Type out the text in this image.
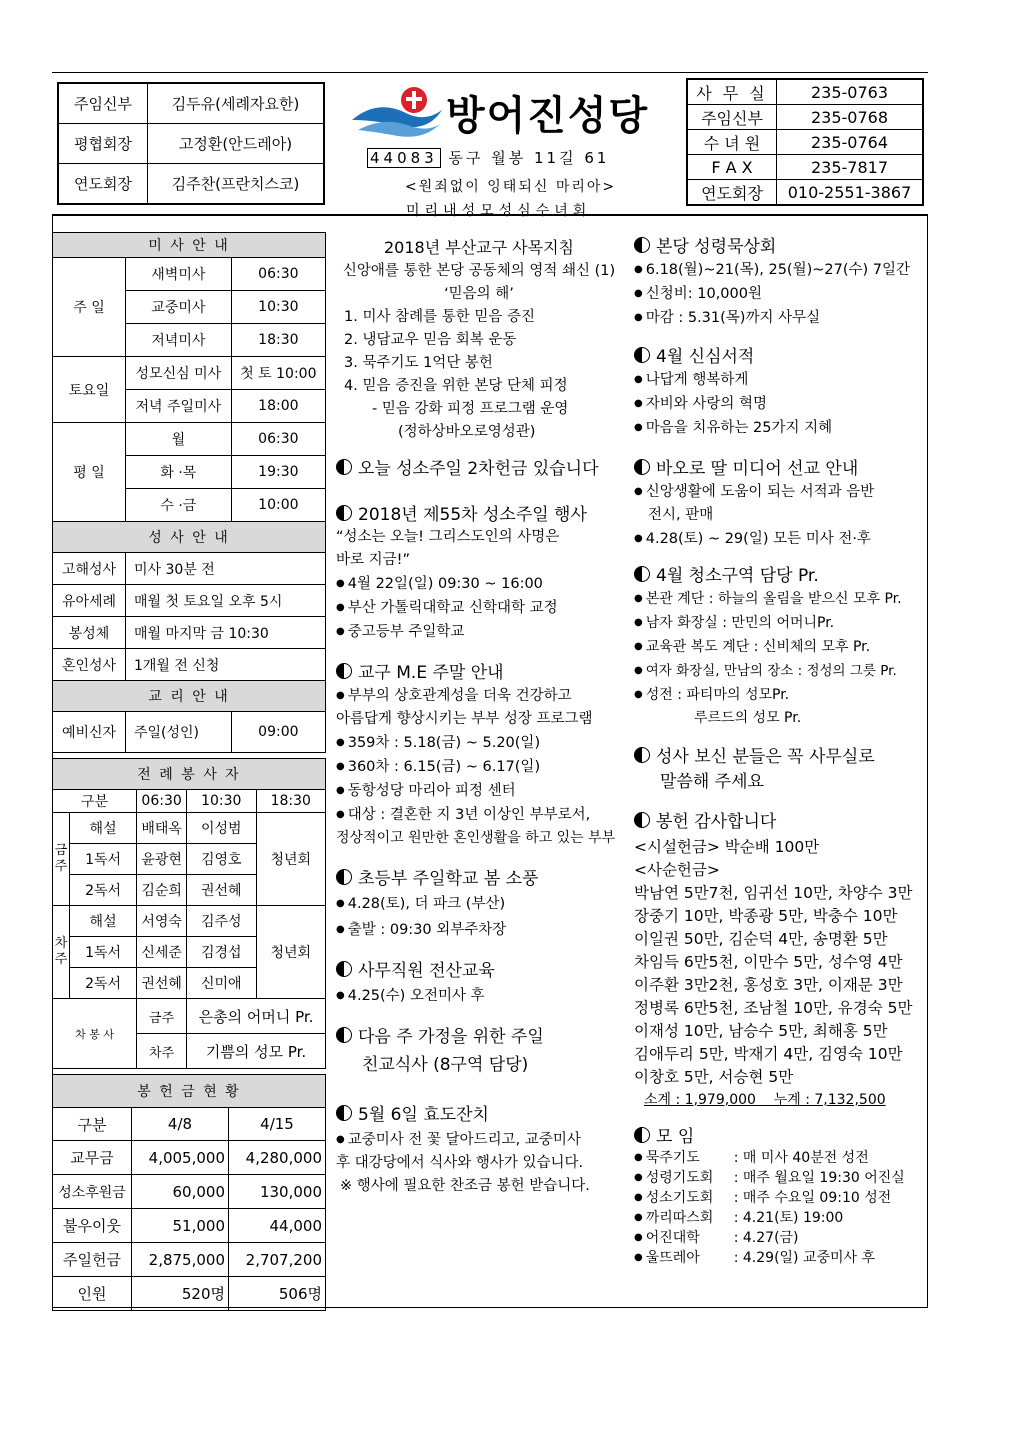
주임신부	김두유(세례자요한)
평협회장	고정환(안드레아)
연도회장	김주찬(프란치스코)
방어진성당
44083 동구 월봉 11길 61
<원죄없이 잉태되신 마리아>
미리내성모성심수녀회
사 무 실	235-0763
주임신부	235-0768
수 녀 원	235-0764
F A X	235-7817
연도회장	010-2551-3867
미 사 안 내		
주 일	새벽미사	06:30
	교중미사	10:30
	저녁미사	18:30
토요일	성모신심 미사	첫 토 10:00
	저녁 주일미사	18:00
평 일	월	06:30
	화 ·목	19:30
	수 ·금	10:00
성 사 안 내		
고해성사	미사 30분 전	
유아세례	매월 첫 토요일 오후 5시	
봉성체	매월 마지막 금 10:30	
혼인성사	1개월 전 신청	
교 리 안 내		
예비신자	주일(성인)	09:00
전 례 봉 사 자				
구분		06:30	10:30	18:30
금주	해설	배태옥	이성범	청년회
	1독서	윤광현	김영호	
	2독서	김순희	권선혜	
차주	해설	서영숙	김주성	청년회
	1독서	신세준	김경섭	
	2독서	권선혜	신미애	
차 봉 사		금주	은총의 어머니 Pr.	
		차주	기쁨의 성모 Pr.	
봉 헌 금 현 황		
구분	4/8	4/15
교무금	4,005,000	4,280,000
성소후원금	60,000	130,000
불우이웃	51,000	44,000
주일헌금	2,875,000	2,707,200
인원	520명	506명
2018년 부산교구 사목지침
신앙애를 통한 본당 공동체의 영적 쇄신 (1)
‘믿음의 해’
1. 미사 참례를 통한 믿음 증진
2. 냉담교우 믿음 회복 운동
3. 묵주기도 1억단 봉헌
4. 믿음 증진을 위한 본당 단체 피정
- 믿음 강화 피정 프로그램 운영
(정하상바오로영성관)
오늘 성소주일 2차헌금 있습니다
2018년 제55차 성소주일 행사
“성소는 오늘! 그리스도인의 사명은
바로 지금!”
● 4월 22일(일) 09:30 ~ 16:00
● 부산 가톨릭대학교 신학대학 교정
● 중고등부 주일학교
교구 M.E 주말 안내
● 부부의 상호관계성을 더욱 건강하고
아름답게 향상시키는 부부 성장 프로그램
● 359차 : 5.18(금) ~ 5.20(일)
● 360차 : 6.15(금) ~ 6.17(일)
● 동항성당 마리아 피정 센터
● 대상 : 결혼한 지 3년 이상인 부부로서,
정상적이고 원만한 혼인생활을 하고 있는 부부
초등부 주일학교 봄 소풍
● 4.28(토), 더 파크 (부산)
● 출발 : 09:30 외부주차장
사무직원 전산교육
● 4.25(수) 오전미사 후
다음 주 가정을 위한 주일
친교식사 (8구역 담당)
5월 6일 효도잔치
● 교중미사 전 꽃 달아드리고, 교중미사
후 대강당에서 식사와 행사가 있습니다.
※ 행사에 필요한 찬조금 봉헌 받습니다.
본당 성령묵상회
● 6.18(월)~21(목), 25(월)~27(수) 7일간
● 신청비: 10,000원
● 마감 : 5.31(목)까지 사무실
4월 신심서적
● 나답게 행복하게
● 자비와 사랑의 혁명
● 마음을 치유하는 25가지 지혜
바오로 딸 미디어 선교 안내
● 신앙생활에 도움이 되는 서적과 음반
전시, 판매
● 4.28(토) ~ 29(일) 모든 미사 전·후
4월 청소구역 담당 Pr.
● 본관 계단 : 하늘의 올림을 받으신 모후 Pr.
● 남자 화장실 : 만민의 어머니Pr.
● 교육관 복도 계단 : 신비체의 모후 Pr.
● 여자 화장실, 만남의 장소 : 정성의 그릇 Pr.
● 성전 : 파티마의 성모Pr.
루르드의 성모 Pr.
성사 보신 분들은 꼭 사무실로
말씀해 주세요
봉헌 감사합니다
<시설헌금> 박순배 100만
<사순헌금>
박남연 5만7천, 임귀선 10만, 차양수 3만
장중기 10만, 박종광 5만, 박충수 10만
이일권 50만, 김순덕 4만, 송명환 5만
차임득 6만5천, 이만수 5만, 성수영 4만
이주환 3만2천, 홍성호 3만, 이재문 3만
정병록 6만5천, 조남철 10만, 유경숙 5만
이재성 10만, 남승수 5만, 최해홍 5만
김애두리 5만, 박재기 4만, 김영숙 10만
이창호 5만, 서승현 5만
소계 : 1,979,000    누계 : 7,132,500
모 임
● 묵주기도 : 매 미사 40분전 성전
● 성령기도회 : 매주 월요일 19:30 어진실
● 성소기도회 : 매주 수요일 09:10 성전
● 까리따스회 : 4.21(토) 19:00
● 어진대학 : 4.27(금)
● 울뜨레아 : 4.29(일) 교중미사 후
